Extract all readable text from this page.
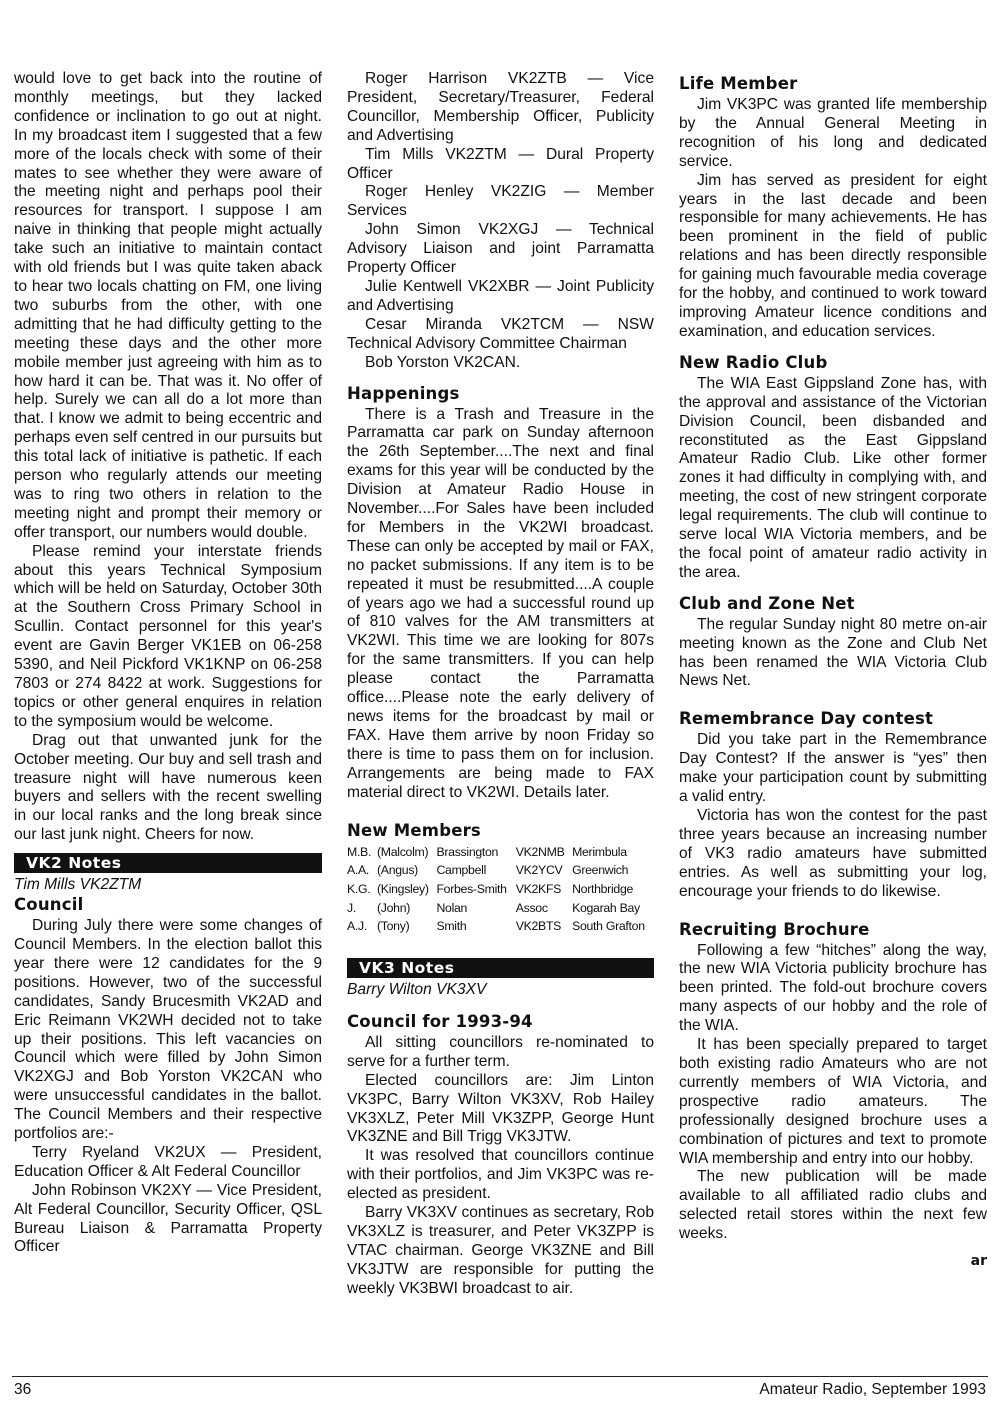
would love to get back into the routine of monthly meetings, but they lacked confidence or inclination to go out at night. In my broadcast item I suggested that a few more of the locals check with some of their mates to see whether they were aware of the meeting night and perhaps pool their resources for transport. I suppose I am naive in thinking that people might actually take such an initiative to maintain contact with old friends but I was quite taken aback to hear two locals chatting on FM, one living two suburbs from the other, with one admitting that he had difficulty getting to the meeting these days and the other more mobile member just agreeing with him as to how hard it can be. That was it. No offer of help. Surely we can all do a lot more than that. I know we admit to being eccentric and perhaps even self centred in our pursuits but this total lack of initiative is pathetic. If each person who regularly attends our meeting was to ring two others in relation to the meeting night and prompt their memory or offer transport, our numbers would double.

Please remind your interstate friends about this years Technical Symposium which will be held on Saturday, October 30th at the Southern Cross Primary School in Scullin. Contact personnel for this year's event are Gavin Berger VK1EB on 06-258 5390, and Neil Pickford VK1KNP on 06-258 7803 or 274 8422 at work. Suggestions for topics or other general enquires in relation to the symposium would be welcome.

Drag out that unwanted junk for the October meeting. Our buy and sell trash and treasure night will have numerous keen buyers and sellers with the recent swelling in our local ranks and the long break since our last junk night. Cheers for now.

VK2 Notes

Tim Mills VK2ZTM

Council

During July there were some changes of Council Members. In the election ballot this year there were 12 candidates for the 9 positions. However, two of the successful candidates, Sandy Brucesmith VK2AD and Eric Reimann VK2WH decided not to take up their positions. This left vacancies on Council which were filled by John Simon VK2XGJ and Bob Yorston VK2CAN who were unsuccessful candidates in the ballot. The Council Members and their respective portfolios are:-

Terry Ryeland VK2UX — President, Education Officer & Alt Federal Councillor

John Robinson VK2XY — Vice President, Alt Federal Councillor, Security Officer, QSL Bureau Liaison & Parramatta Property Officer

Roger Harrison VK2ZTB — Vice President, Secretary/Treasurer, Federal Councillor, Membership Officer, Publicity and Advertising

Tim Mills VK2ZTM — Dural Property Officer

Roger Henley VK2ZIG — Member Services

John Simon VK2XGJ — Technical Advisory Liaison and joint Parramatta Property Officer

Julie Kentwell VK2XBR — Joint Publicity and Advertising

Cesar Miranda VK2TCM — NSW Technical Advisory Committee Chairman

Bob Yorston VK2CAN.

Happenings

There is a Trash and Treasure in the Parramatta car park on Sunday afternoon the 26th September....The next and final exams for this year will be conducted by the Division at Amateur Radio House in November....For Sales have been included for Members in the VK2WI broadcast. These can only be accepted by mail or FAX, no packet submissions. If any item is to be repeated it must be resubmitted....A couple of years ago we had a successful round up of 810 valves for the AM transmitters at VK2WI. This time we are looking for 807s for the same transmitters. If you can help please contact the Parramatta office....Please note the early delivery of news items for the broadcast by mail or FAX. Have them arrive by noon Friday so there is time to pass them on for inclusion. Arrangements are being made to FAX material direct to VK2WI. Details later.

New Members
M.B.	(Malcolm)	Brassington	VK2NMB	Merimbula
A.A.	(Angus)	Campbell	VK2YCV	Greenwich
K.G.	(Kingsley)	Forbes-Smith	VK2KFS	Northbridge
J.	(John)	Nolan	Assoc	Kogarah Bay
A.J.	(Tony)	Smith	VK2BTS	South Grafton
VK3 Notes

Barry Wilton VK3XV

Council for 1993-94

All sitting councillors re-nominated to serve for a further term.

Elected councillors are: Jim Linton VK3PC, Barry Wilton VK3XV, Rob Hailey VK3XLZ, Peter Mill VK3ZPP, George Hunt VK3ZNE and Bill Trigg VK3JTW.

It was resolved that councillors continue with their portfolios, and Jim VK3PC was re-elected as president.

Barry VK3XV continues as secretary, Rob VK3XLZ is treasurer, and Peter VK3ZPP is VTAC chairman. George VK3ZNE and Bill VK3JTW are responsible for putting the weekly VK3BWI broadcast to air.

Life Member

Jim VK3PC was granted life membership by the Annual General Meeting in recognition of his long and dedicated service.

Jim has served as president for eight years in the last decade and been responsible for many achievements. He has been prominent in the field of public relations and has been directly responsible for gaining much favourable media coverage for the hobby, and continued to work toward improving Amateur licence conditions and examination, and education services.

New Radio Club

The WIA East Gippsland Zone has, with the approval and assistance of the Victorian Division Council, been disbanded and reconstituted as the East Gippsland Amateur Radio Club. Like other former zones it had difficulty in complying with, and meeting, the cost of new stringent corporate legal requirements. The club will continue to serve local WIA Victoria members, and be the focal point of amateur radio activity in the area.

Club and Zone Net

The regular Sunday night 80 metre on-air meeting known as the Zone and Club Net has been renamed the WIA Victoria Club News Net.

Remembrance Day contest

Did you take part in the Remembrance Day Contest? If the answer is “yes” then make your participation count by submitting a valid entry.

Victoria has won the contest for the past three years because an increasing number of VK3 radio amateurs have submitted entries. As well as submitting your log, encourage your friends to do likewise.

Recruiting Brochure

Following a few “hitches” along the way, the new WIA Victoria publicity brochure has been printed. The fold-out brochure covers many aspects of our hobby and the role of the WIA.

It has been specially prepared to target both existing radio Amateurs who are not currently members of WIA Victoria, and prospective radio amateurs. The professionally designed brochure uses a combination of pictures and text to promote WIA membership and entry into our hobby.

The new publication will be made available to all affiliated radio clubs and selected retail stores within the next few weeks.

ar
36	Amateur Radio, September 1993
